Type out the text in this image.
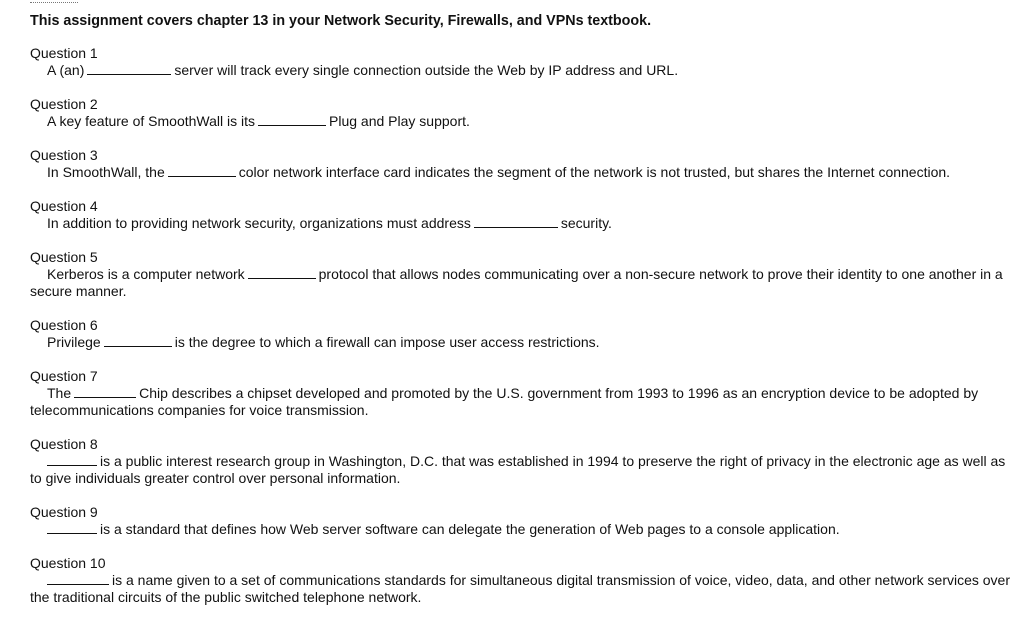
This assignment covers chapter 13 in your Network Security, Firewalls, and VPNs textbook.
Question 1
A (an)	server will track every single connection outside the Web by IP address and URL.
Question 2
A key feature of SmoothWall is its	Plug and Play support.
Question 3
In SmoothWall, the	color network interface card indicates the segment of the network is not trusted, but shares the Internet connection.
Question 4
In addition to providing network security, organizations must address	security.
Question 5
Kerberos is a computer network	protocol that allows nodes communicating over a non-secure network to prove their identity to one another in a secure manner.
Question 6
Privilege	is the degree to which a firewall can impose user access restrictions.
Question 7
The	Chip describes a chipset developed and promoted by the U.S. government from 1993 to 1996 as an encryption device to be adopted by telecommunications companies for voice transmission.
Question 8
is a public interest research group in Washington, D.C. that was established in 1994 to preserve the right of privacy in the electronic age as well as to give individuals greater control over personal information.
Question 9
is a standard that defines how Web server software can delegate the generation of Web pages to a console application.
Question 10
is a name given to a set of communications standards for simultaneous digital transmission of voice, video, data, and other network services over the traditional circuits of the public switched telephone network.
